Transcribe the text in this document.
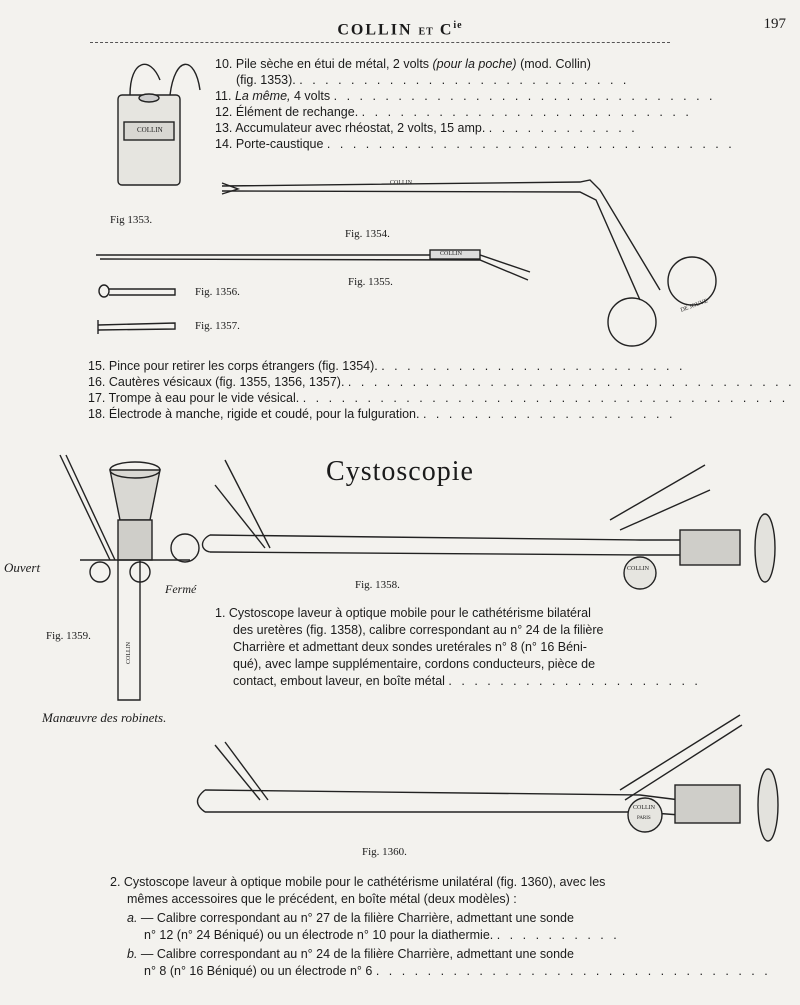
COLLIN ET $C^{ie}$	197
COLLIN
COLLIN
COLLIN
DE JOUVE
COLLIN
COLLIN
COLLIN
PARIS
10. Pile sèche en étui de métal, 2 volts (pour la poche) (mod. Collin)
(fig. 1353). . . . . . . . . . . . . . . . . . . . . . . . . . .
11. La même, 4 volts . . . . . . . . . . . . . . . . . . . . . . . . . . . . . .
12. Élément de rechange. . . . . . . . . . . . . . . . . . . . . . . . . . .
13. Accumulateur avec rhéostat, 2 volts, 15 amp. . . . . . . . . . . . .
14. Porte-caustique . . . . . . . . . . . . . . . . . . . . . . . . . . . . . . . .
Fig 1353.
Fig. 1354.
Fig. 1355.
Fig. 1356.
Fig. 1357.
15. Pince pour retirer les corps étrangers (fig. 1354). . . . . . . . . . . . . . . . . . . . . . . . .
16. Cautères vésicaux (fig. 1355, 1356, 1357). . . . . . . . . . . . . . . . . . . . . . . . . . . . . . . . . . . .
17. Trompe à eau pour le vide vésical. . . . . . . . . . . . . . . . . . . . . . . . . . . . . . . . . . . . . . .
18. Électrode à manche, rigide et coudé, pour la fulguration. . . . . . . . . . . . . . . . . . . . .
Cystoscopie
Ouvert
Fermé
Fig. 1359.
Manœuvre des robinets.
Fig. 1358.
1. Cystoscope laveur à optique mobile pour le cathétérisme bilatéral
des uretères (fig. 1358), calibre correspondant au n° 24 de la filière
Charrière et admettant deux sondes uretérales n° 8 (n° 16 Béni-
qué), avec lampe supplémentaire, cordons conducteurs, pièce de
contact, embout laveur, en boîte métal . . . . . . . . . . . . . . . . . . . .
Fig. 1360.
2. Cystoscope laveur à optique mobile pour le cathétérisme unilatéral (fig. 1360), avec les
mêmes accessoires que le précédent, en boîte métal (deux modèles) :
a. — Calibre correspondant au n° 27 de la filière Charrière, admettant une sonde
n° 12 (n° 24 Béniqué) ou un électrode n° 10 pour la diathermie. . . . . . . . . . .
b. — Calibre correspondant au n° 24 de la filière Charrière, admettant une sonde
n° 8 (n° 16 Béniqué) ou un électrode n° 6 . . . . . . . . . . . . . . . . . . . . . . . . . . . . . . .
